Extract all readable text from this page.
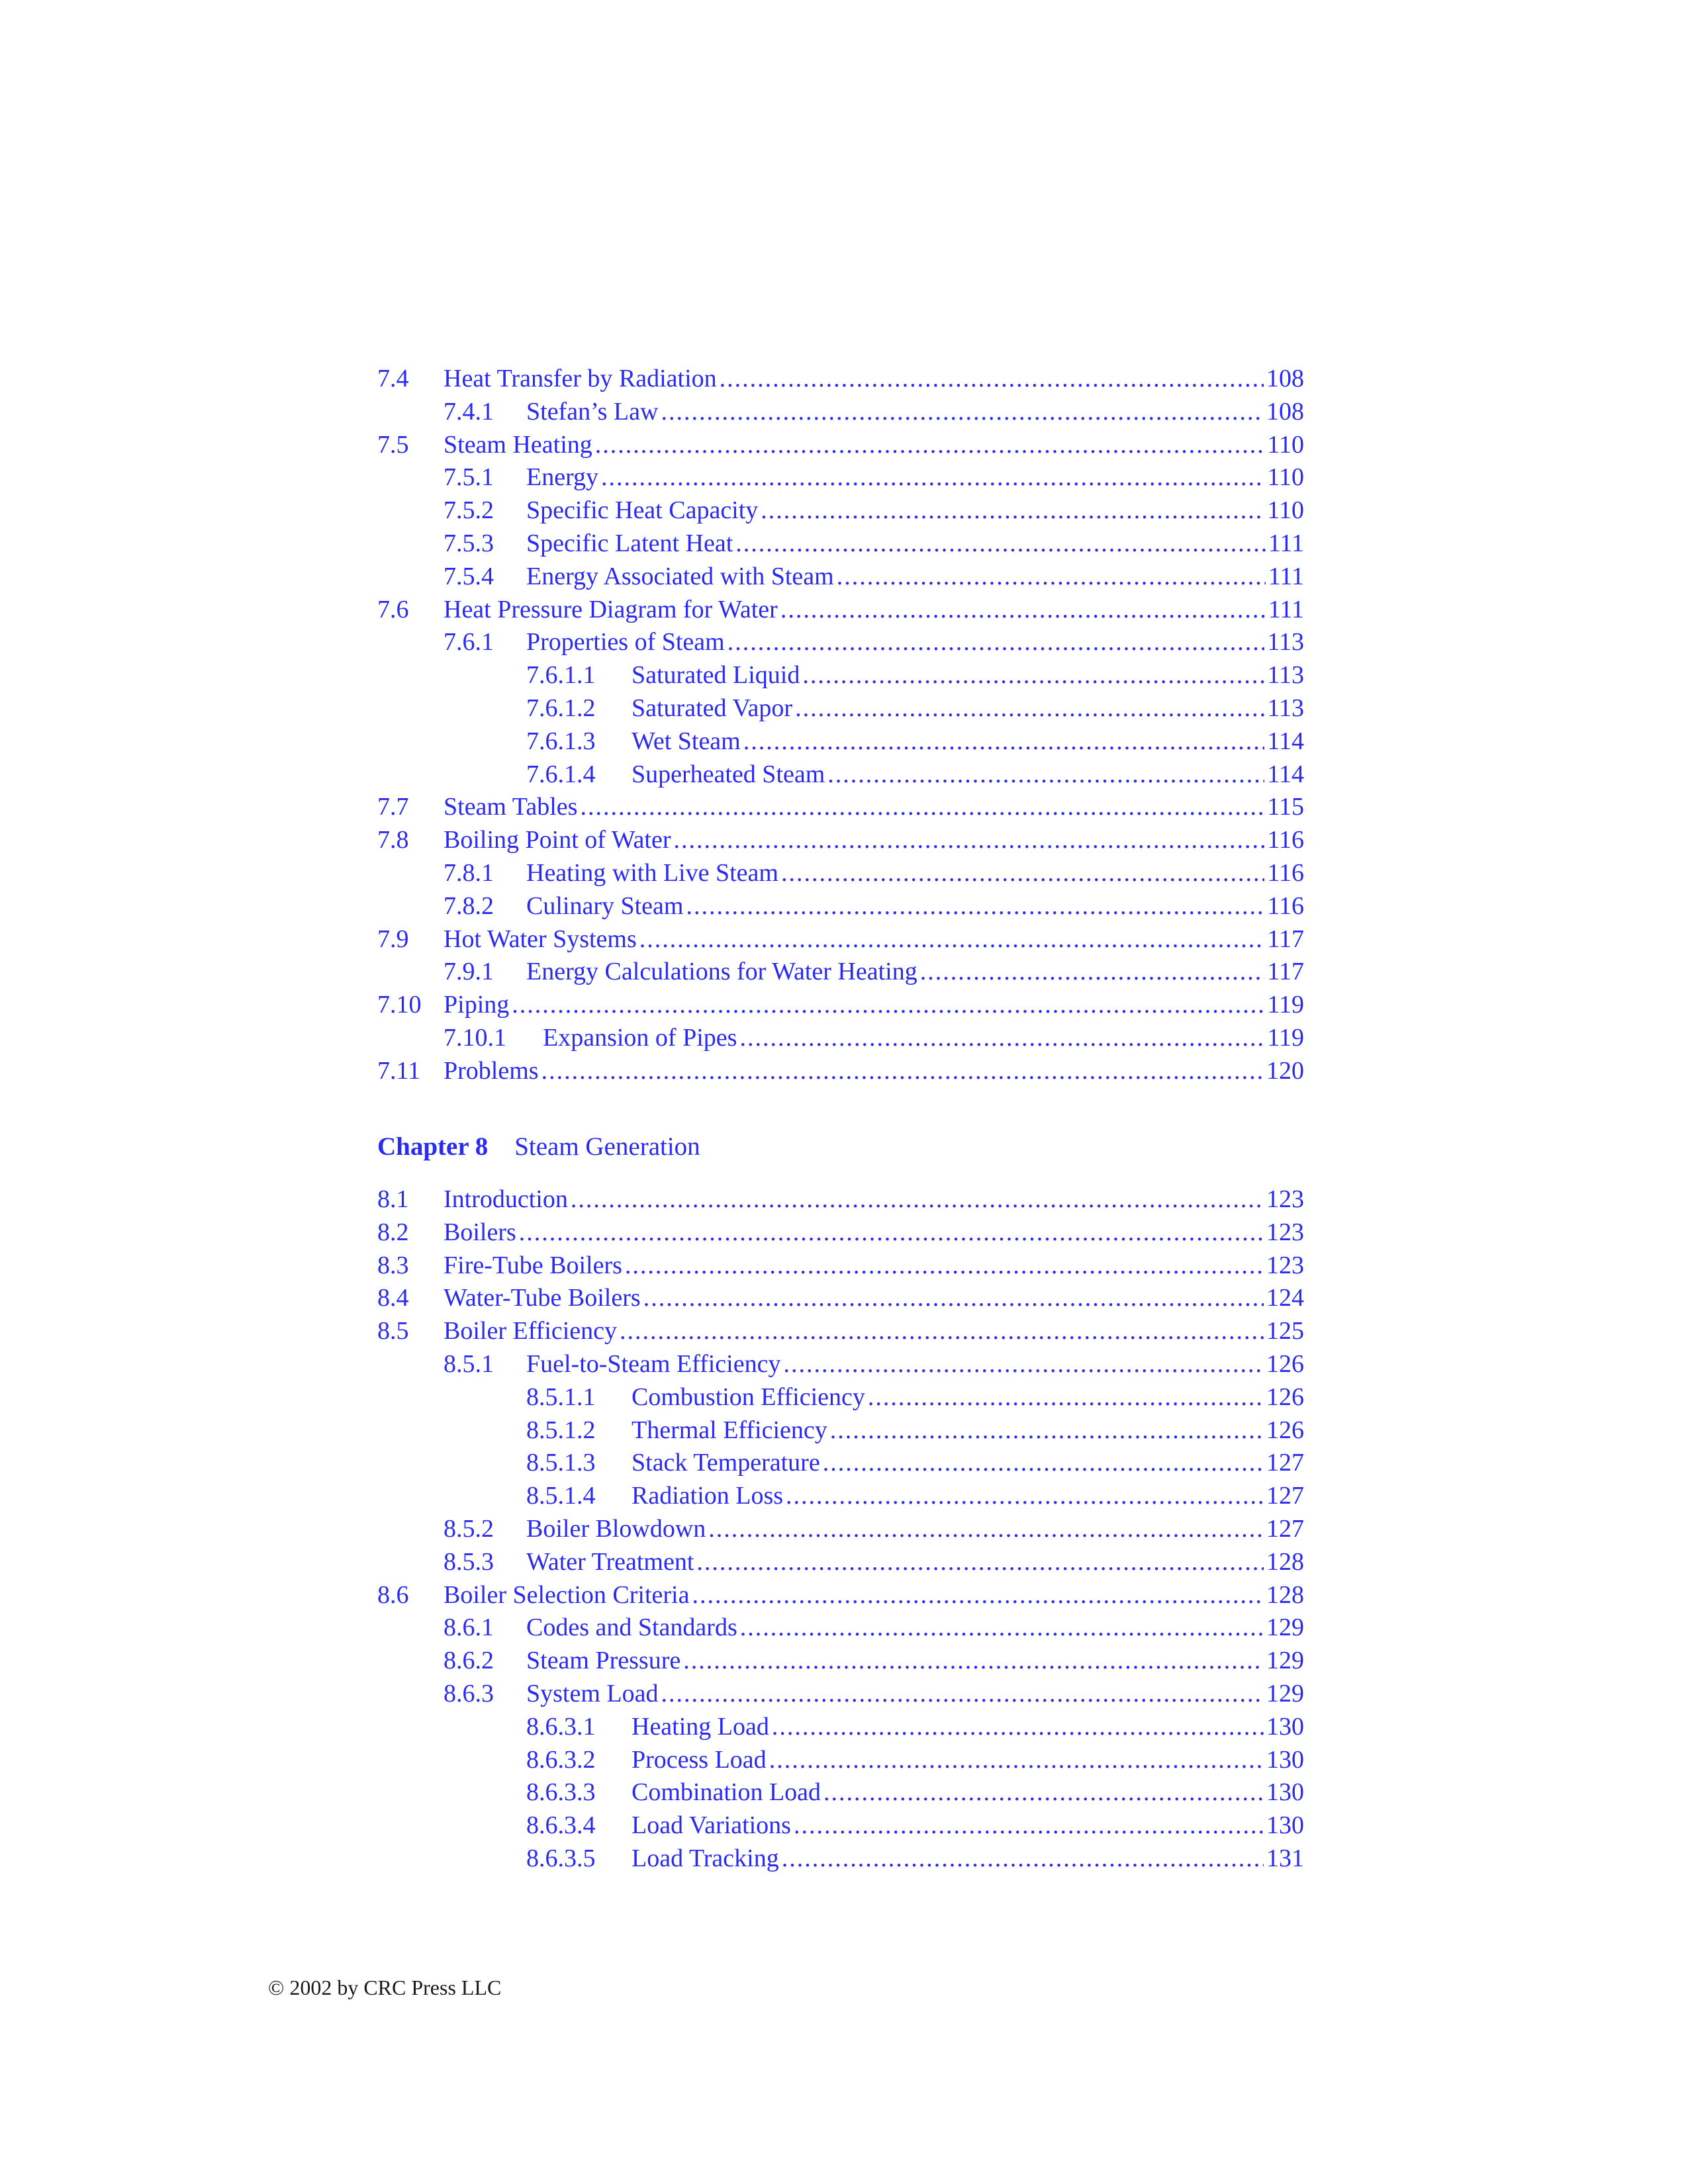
7.4 Heat Transfer by Radiation .....	108
7.4.1 Stefan’s Law .....	108
7.5 Steam Heating .....	110
7.5.1 Energy .....	110
7.5.2 Specific Heat Capacity .....	110
7.5.3 Specific Latent Heat .....	111
7.5.4 Energy Associated with Steam .....	111
7.6 Heat Pressure Diagram for Water .....	111
7.6.1 Properties of Steam .....	113
7.6.1.1 Saturated Liquid .....	113
7.6.1.2 Saturated Vapor .....	113
7.6.1.3 Wet Steam .....	114
7.6.1.4 Superheated Steam .....	114
7.7 Steam Tables .....	115
7.8 Boiling Point of Water .....	116
7.8.1 Heating with Live Steam .....	116
7.8.2 Culinary Steam .....	116
7.9 Hot Water Systems .....	117
7.9.1 Energy Calculations for Water Heating .....	117
7.10 Piping .....	119
7.10.1 Expansion of Pipes .....	119
7.11 Problems .....	120
Chapter 8 Steam Generation
8.1 Introduction .....	123
8.2 Boilers .....	123
8.3 Fire-Tube Boilers .....	123
8.4 Water-Tube Boilers .....	124
8.5 Boiler Efficiency .....	125
8.5.1 Fuel-to-Steam Efficiency .....	126
8.5.1.1 Combustion Efficiency .....	126
8.5.1.2 Thermal Efficiency .....	126
8.5.1.3 Stack Temperature .....	127
8.5.1.4 Radiation Loss .....	127
8.5.2 Boiler Blowdown .....	127
8.5.3 Water Treatment .....	128
8.6 Boiler Selection Criteria .....	128
8.6.1 Codes and Standards .....	129
8.6.2 Steam Pressure .....	129
8.6.3 System Load .....	129
8.6.3.1 Heating Load .....	130
8.6.3.2 Process Load .....	130
8.6.3.3 Combination Load .....	130
8.6.3.4 Load Variations .....	130
8.6.3.5 Load Tracking .....	131
© 2002 by CRC Press LLC
